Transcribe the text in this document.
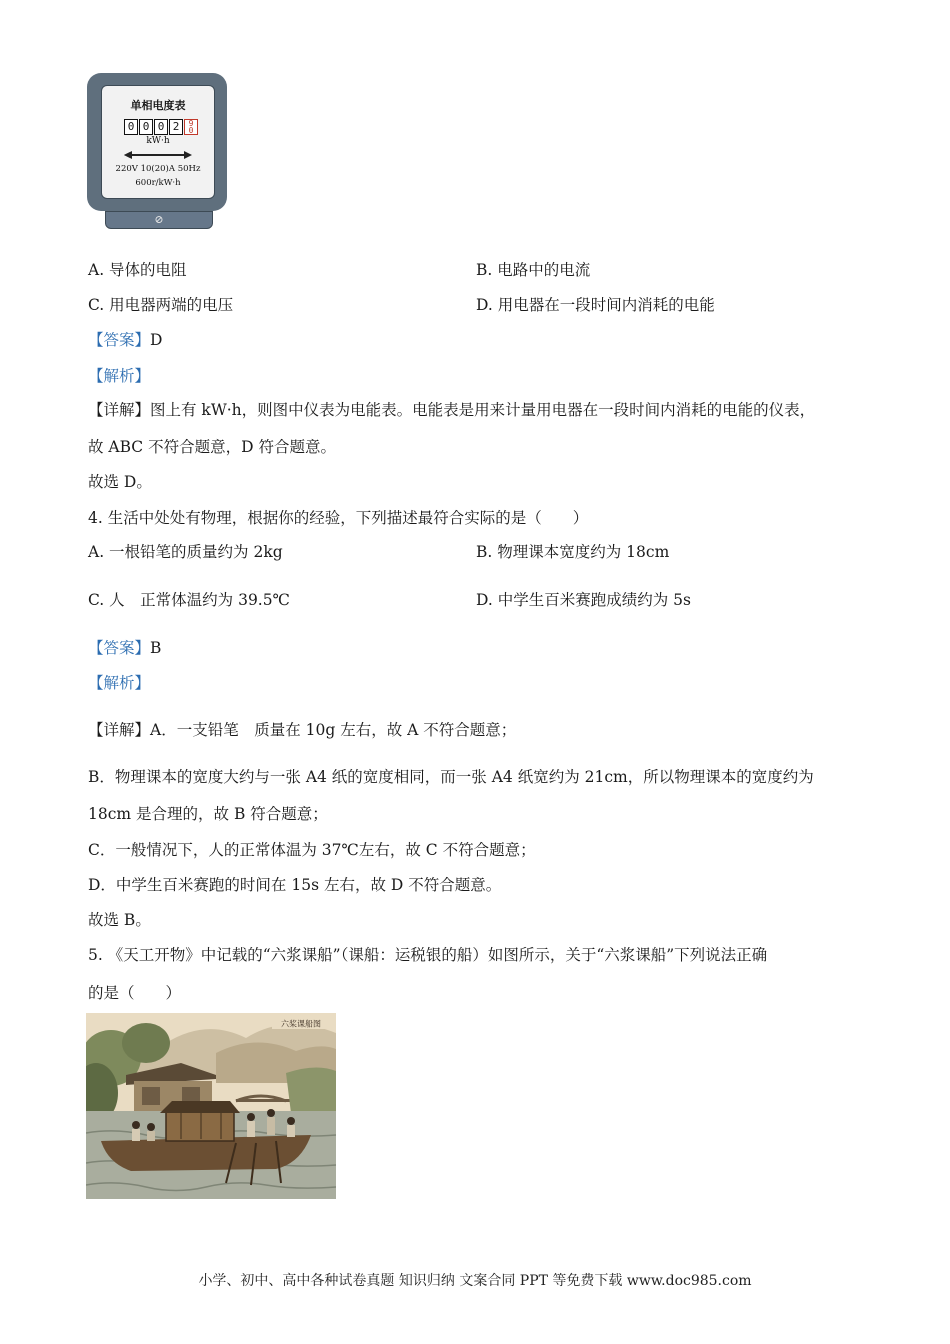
单相电度表
0 0 0 2	9
0
kW·h
220V 10(20)A 50Hz
600r/kW·h
⊘
A. 导体的电阻	B. 电路中的电流
C. 用电器两端的电压	D. 用电器在一段时间内消耗的电能
【答案】D
【解析】
【详解】图上有 kW·h，则图中仪表为电能表。电能表是用来计量用电器在一段时间内消耗的电能的仪表，
故 ABC 不符合题意，D 符合题意。
故选 D。
4. 生活中处处有物理，根据你的经验，下列描述最符合实际的是（　　）
A. 一根铅笔的质量约为 2kg	B. 物理课本宽度约为 18cm
C. 人　正常体温约为 39.5℃	D. 中学生百米赛跑成绩约为 5s
【答案】B
【解析】
【详解】A．一支铅笔　质量在 10g 左右，故 A 不符合题意；
B．物理课本的宽度大约与一张 A4 纸的宽度相同，而一张 A4 纸宽约为 21cm，所以物理课本的宽度约为
18cm 是合理的，故 B 符合题意；
C．一般情况下，人的正常体温为 37℃左右，故 C 不符合题意；
D．中学生百米赛跑的时间在 15s 左右，故 D 不符合题意。
故选 B。
5. 《天工开物》中记载的“六浆课船”（课船：运税银的船）如图所示，关于“六浆课船”下列说法正确
的是（　　）
六桨课船图
小学、初中、高中各种试卷真题 知识归纳 文案合同 PPT 等免费下载 www.doc985.com
